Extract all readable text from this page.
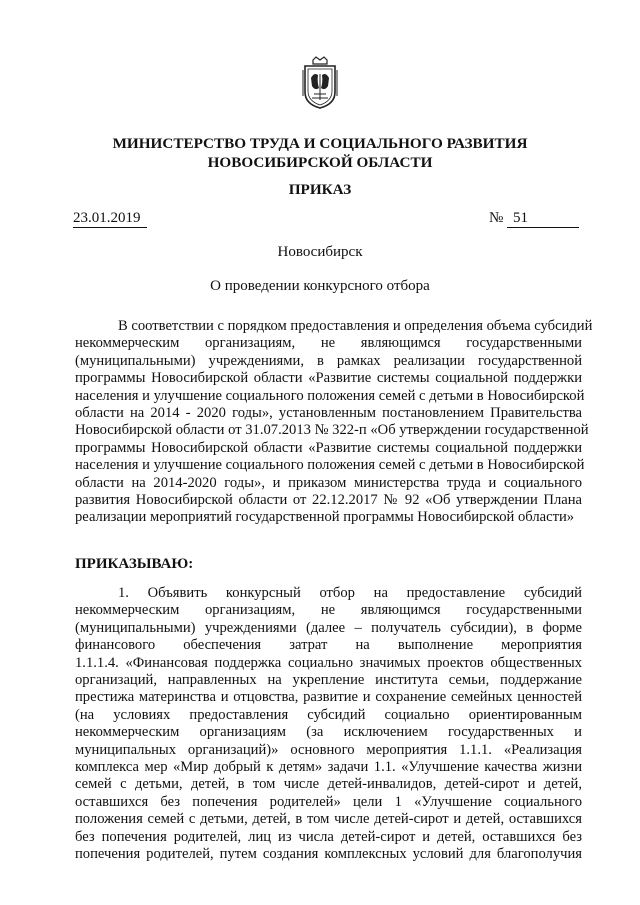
МИНИСТЕРСТВО ТРУДА И СОЦИАЛЬНОГО РАЗВИТИЯ
НОВОСИБИРСКОЙ ОБЛАСТИ
ПРИКАЗ
23.01.2019	№ 51
Новосибирск
О проведении конкурсного отбора
В соответствии с порядком предоставления и определения объема субсидий
некоммерческим организациям, не являющимся государственными
(муниципальными) учреждениями, в рамках реализации государственной
программы Новосибирской области «Развитие системы социальной поддержки
населения и улучшение социального положения семей с детьми в Новосибирской
области на 2014 - 2020 годы», установленным постановлением Правительства
Новосибирской области от 31.07.2013 № 322-п «Об утверждении государственной
программы Новосибирской области «Развитие системы социальной поддержки
населения и улучшение социального положения семей с детьми в Новосибирской
области на 2014-2020 годы», и приказом министерства труда и социального
развития Новосибирской области от 22.12.2017 № 92 «Об утверждении Плана
реализации мероприятий государственной программы Новосибирской области»
ПРИКАЗЫВАЮ:
1. Объявить конкурсный отбор на предоставление субсидий
некоммерческим организациям, не являющимся государственными
(муниципальными) учреждениями (далее – получатель субсидии), в форме
финансового обеспечения затрат на выполнение мероприятия
1.1.1.4. «Финансовая поддержка социально значимых проектов общественных
организаций, направленных на укрепление института семьи, поддержание
престижа материнства и отцовства, развитие и сохранение семейных ценностей
(на условиях предоставления субсидий социально ориентированным
некоммерческим организациям (за исключением государственных и
муниципальных организаций)» основного мероприятия 1.1.1. «Реализация
комплекса мер «Мир добрый к детям» задачи 1.1. «Улучшение качества жизни
семей с детьми, детей, в том числе детей-инвалидов, детей-сирот и детей,
оставшихся без попечения родителей» цели 1 «Улучшение социального
положения семей с детьми, детей, в том числе детей-сирот и детей, оставшихся
без попечения родителей, лиц из числа детей-сирот и детей, оставшихся без
попечения родителей, путем создания комплексных условий для благополучия
